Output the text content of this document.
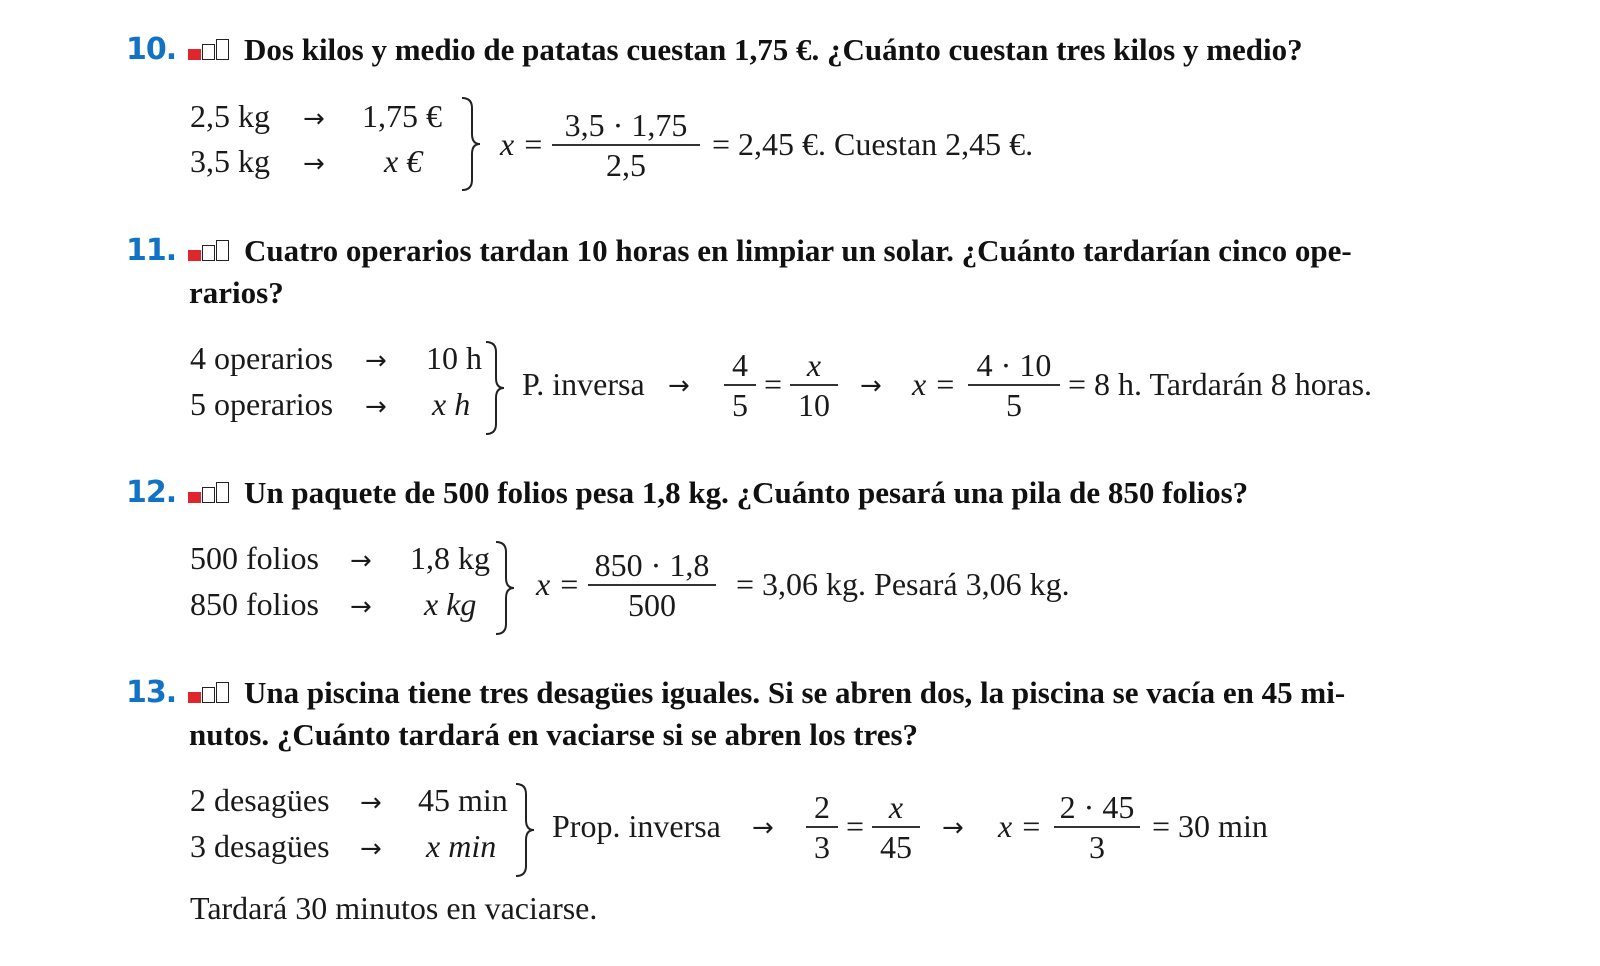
10. Dos kilos y medio de patatas cuestan 1,75 €. ¿Cuánto cuestan tres kilos y medio?
2,5 kg → 1,75 €
3,5 kg → x € x =
3,5 · 1,75
2,5
= 2,45 €. Cuestan 2,45 €.
11. Cuatro operarios tardan 10 horas en limpiar un solar. ¿Cuánto tardarían cinco ope-
rarios?
4 operarios → 10 h
5 operarios → x h
P. inversa →
4
5
=
x
10
→ x =
4 · 10
5
= 8 h. Tardarán 8 horas.
12. Un paquete de 500 folios pesa 1,8 kg. ¿Cuánto pesará una pila de 850 folios?
500 folios → 1,8 kg
850 folios → x kg
x =
850 · 1,8
500
= 3,06 kg. Pesará 3,06 kg.
13. Una piscina tiene tres desagües iguales. Si se abren dos, la piscina se vacía en 45 mi-
nutos. ¿Cuánto tardará en vaciarse si se abren los tres?
2 desagües → 45 min
3 desagües → x min
Prop. inversa →
2
3
=
x
45
→ x =
2 · 45
3
= 30 min
Tardará 30 minutos en vaciarse.
